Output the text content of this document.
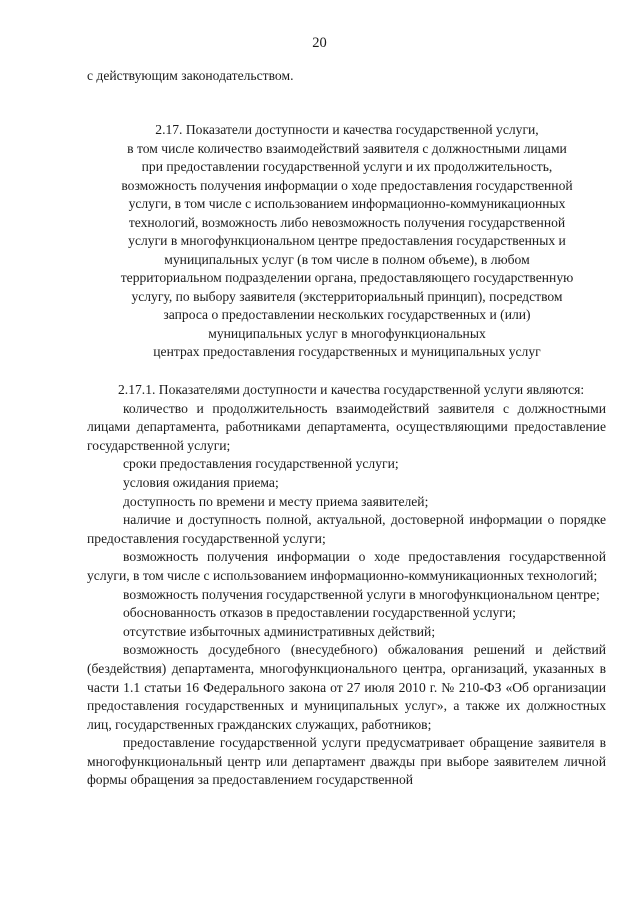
20
с действующим законодательством.
2.17. Показатели доступности и качества государственной услуги,
в том числе количество взаимодействий заявителя с должностными лицами
при предоставлении государственной услуги и их продолжительность,
возможность получения информации о ходе предоставления государственной
услуги, в том числе с использованием информационно-коммуникационных
технологий, возможность либо невозможность получения государственной
услуги в многофункциональном центре предоставления государственных и
муниципальных услуг (в том числе в полном объеме), в любом
территориальном подразделении органа, предоставляющего государственную
услугу, по выбору заявителя (экстерриториальный принцип), посредством
запроса о предоставлении нескольких государственных и (или)
муниципальных услуг в многофункциональных
центрах предоставления государственных и муниципальных услуг

2.17.1. Показателями доступности и качества государственной услуги являются:

количество и продолжительность взаимодействий заявителя с должностными лицами департамента, работниками департамента, осуществляющими предоставление государственной услуги;

сроки предоставления государственной услуги;

условия ожидания приема;

доступность по времени и месту приема заявителей;

наличие и доступность полной, актуальной, достоверной информации о порядке предоставления государственной услуги;

возможность получения информации о ходе предоставления государственной услуги, в том числе с использованием информационно-коммуникационных технологий;

возможность получения государственной услуги в многофункциональном центре;

обоснованность отказов в предоставлении государственной услуги;

отсутствие избыточных административных действий;

возможность досудебного (внесудебного) обжалования решений и действий (бездействия) департамента, многофункционального центра, организаций, указанных в части 1.1 статьи 16 Федерального закона от 27 июля 2010 г. № 210-ФЗ «Об организации предоставления государственных и муниципальных услуг», а также их должностных лиц, государственных гражданских служащих, работников;

предоставление государственной услуги предусматривает обращение заявителя в многофункциональный центр или департамент дважды при выборе заявителем личной формы обращения за предоставлением государственной
